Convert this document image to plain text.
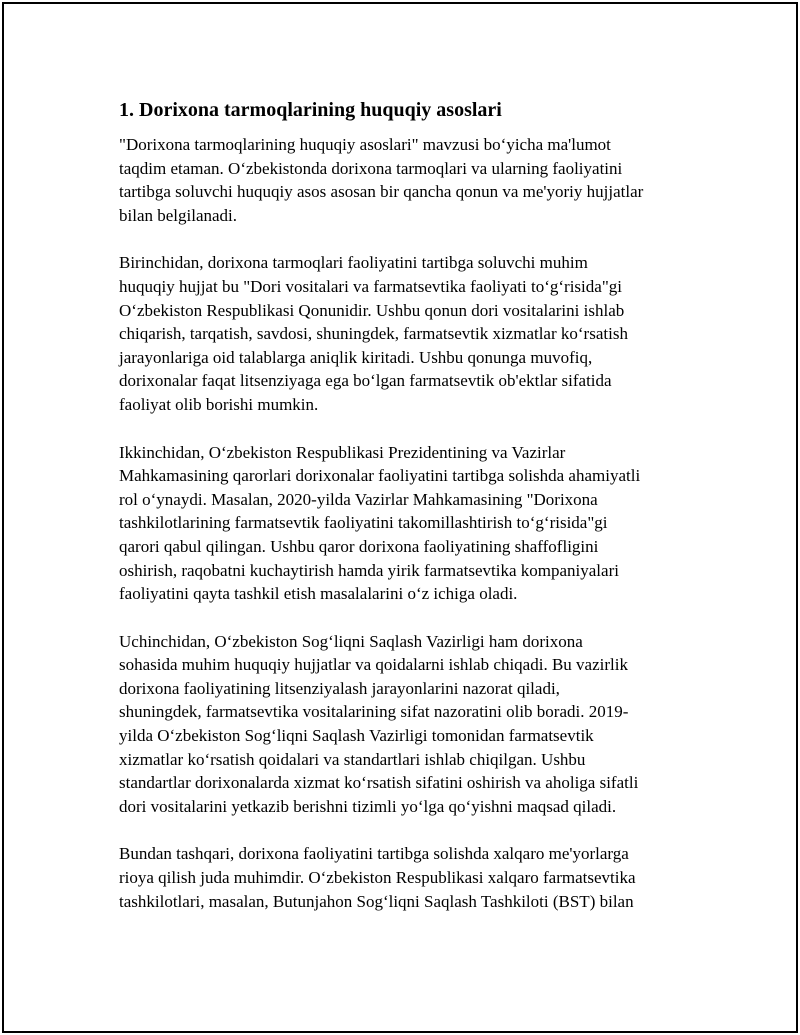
1. Dorixona tarmoqlarining huquqiy asoslari

"Dorixona tarmoqlarining huquqiy asoslari" mavzusi bo‘yicha ma'lumot
taqdim etaman. O‘zbekistonda dorixona tarmoqlari va ularning faoliyatini
tartibga soluvchi huquqiy asos asosan bir qancha qonun va me'yoriy hujjatlar
bilan belgilanadi.

Birinchidan, dorixona tarmoqlari faoliyatini tartibga soluvchi muhim
huquqiy hujjat bu "Dori vositalari va farmatsevtika faoliyati to‘g‘risida"gi
O‘zbekiston Respublikasi Qonunidir. Ushbu qonun dori vositalarini ishlab
chiqarish, tarqatish, savdosi, shuningdek, farmatsevtik xizmatlar ko‘rsatish
jarayonlariga oid talablarga aniqlik kiritadi. Ushbu qonunga muvofiq,
dorixonalar faqat litsenziyaga ega bo‘lgan farmatsevtik ob'ektlar sifatida
faoliyat olib borishi mumkin.

Ikkinchidan, O‘zbekiston Respublikasi Prezidentining va Vazirlar
Mahkamasining qarorlari dorixonalar faoliyatini tartibga solishda ahamiyatli
rol o‘ynaydi. Masalan, 2020-yilda Vazirlar Mahkamasining "Dorixona
tashkilotlarining farmatsevtik faoliyatini takomillashtirish to‘g‘risida"gi
qarori qabul qilingan. Ushbu qaror dorixona faoliyatining shaffofligini
oshirish, raqobatni kuchaytirish hamda yirik farmatsevtika kompaniyalari
faoliyatini qayta tashkil etish masalalarini o‘z ichiga oladi.

Uchinchidan, O‘zbekiston Sog‘liqni Saqlash Vazirligi ham dorixona
sohasida muhim huquqiy hujjatlar va qoidalarni ishlab chiqadi. Bu vazirlik
dorixona faoliyatining litsenziyalash jarayonlarini nazorat qiladi,
shuningdek, farmatsevtika vositalarining sifat nazoratini olib boradi. 2019-
yilda O‘zbekiston Sog‘liqni Saqlash Vazirligi tomonidan farmatsevtik
xizmatlar ko‘rsatish qoidalari va standartlari ishlab chiqilgan. Ushbu
standartlar dorixonalarda xizmat ko‘rsatish sifatini oshirish va aholiga sifatli
dori vositalarini yetkazib berishni tizimli yo‘lga qo‘yishni maqsad qiladi.

Bundan tashqari, dorixona faoliyatini tartibga solishda xalqaro me'yorlarga
rioya qilish juda muhimdir. O‘zbekiston Respublikasi xalqaro farmatsevtika
tashkilotlari, masalan, Butunjahon Sog‘liqni Saqlash Tashkiloti (BST) bilan
